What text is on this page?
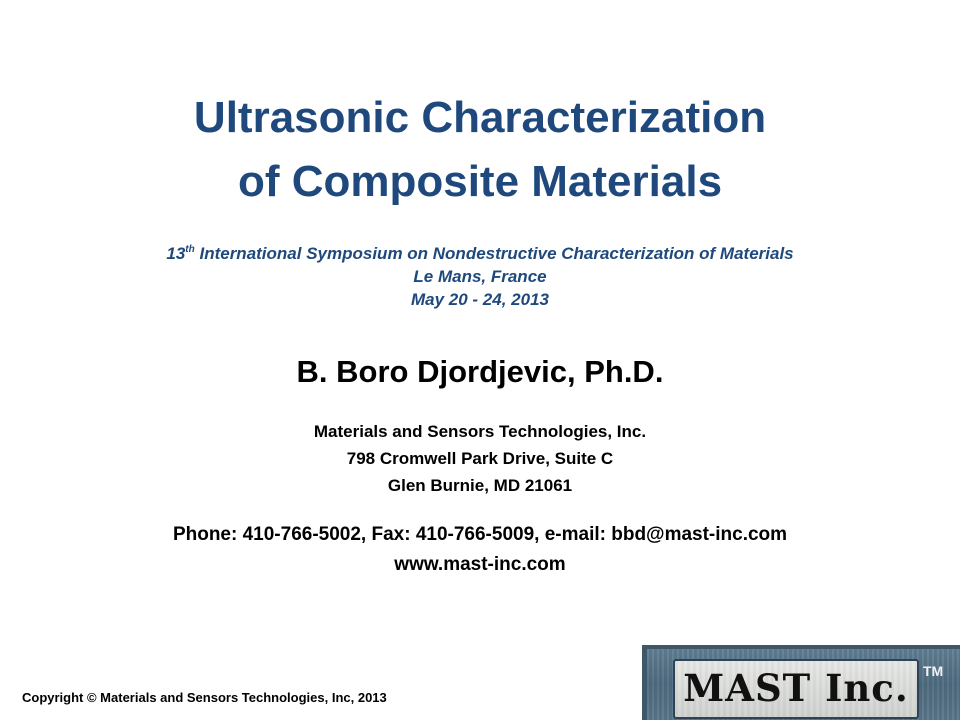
Ultrasonic Characterization
of Composite Materials
13th International Symposium on Nondestructive Characterization of Materials
Le Mans, France
May 20 - 24, 2013
B. Boro Djordjevic, Ph.D.
Materials and Sensors Technologies, Inc.
798 Cromwell Park Drive, Suite C
Glen Burnie, MD 21061
Phone: 410-766-5002, Fax: 410-766-5009, e-mail: bbd@mast-inc.com
www.mast-inc.com
Copyright © Materials and Sensors Technologies, Inc, 2013	MAST Inc.	TM
